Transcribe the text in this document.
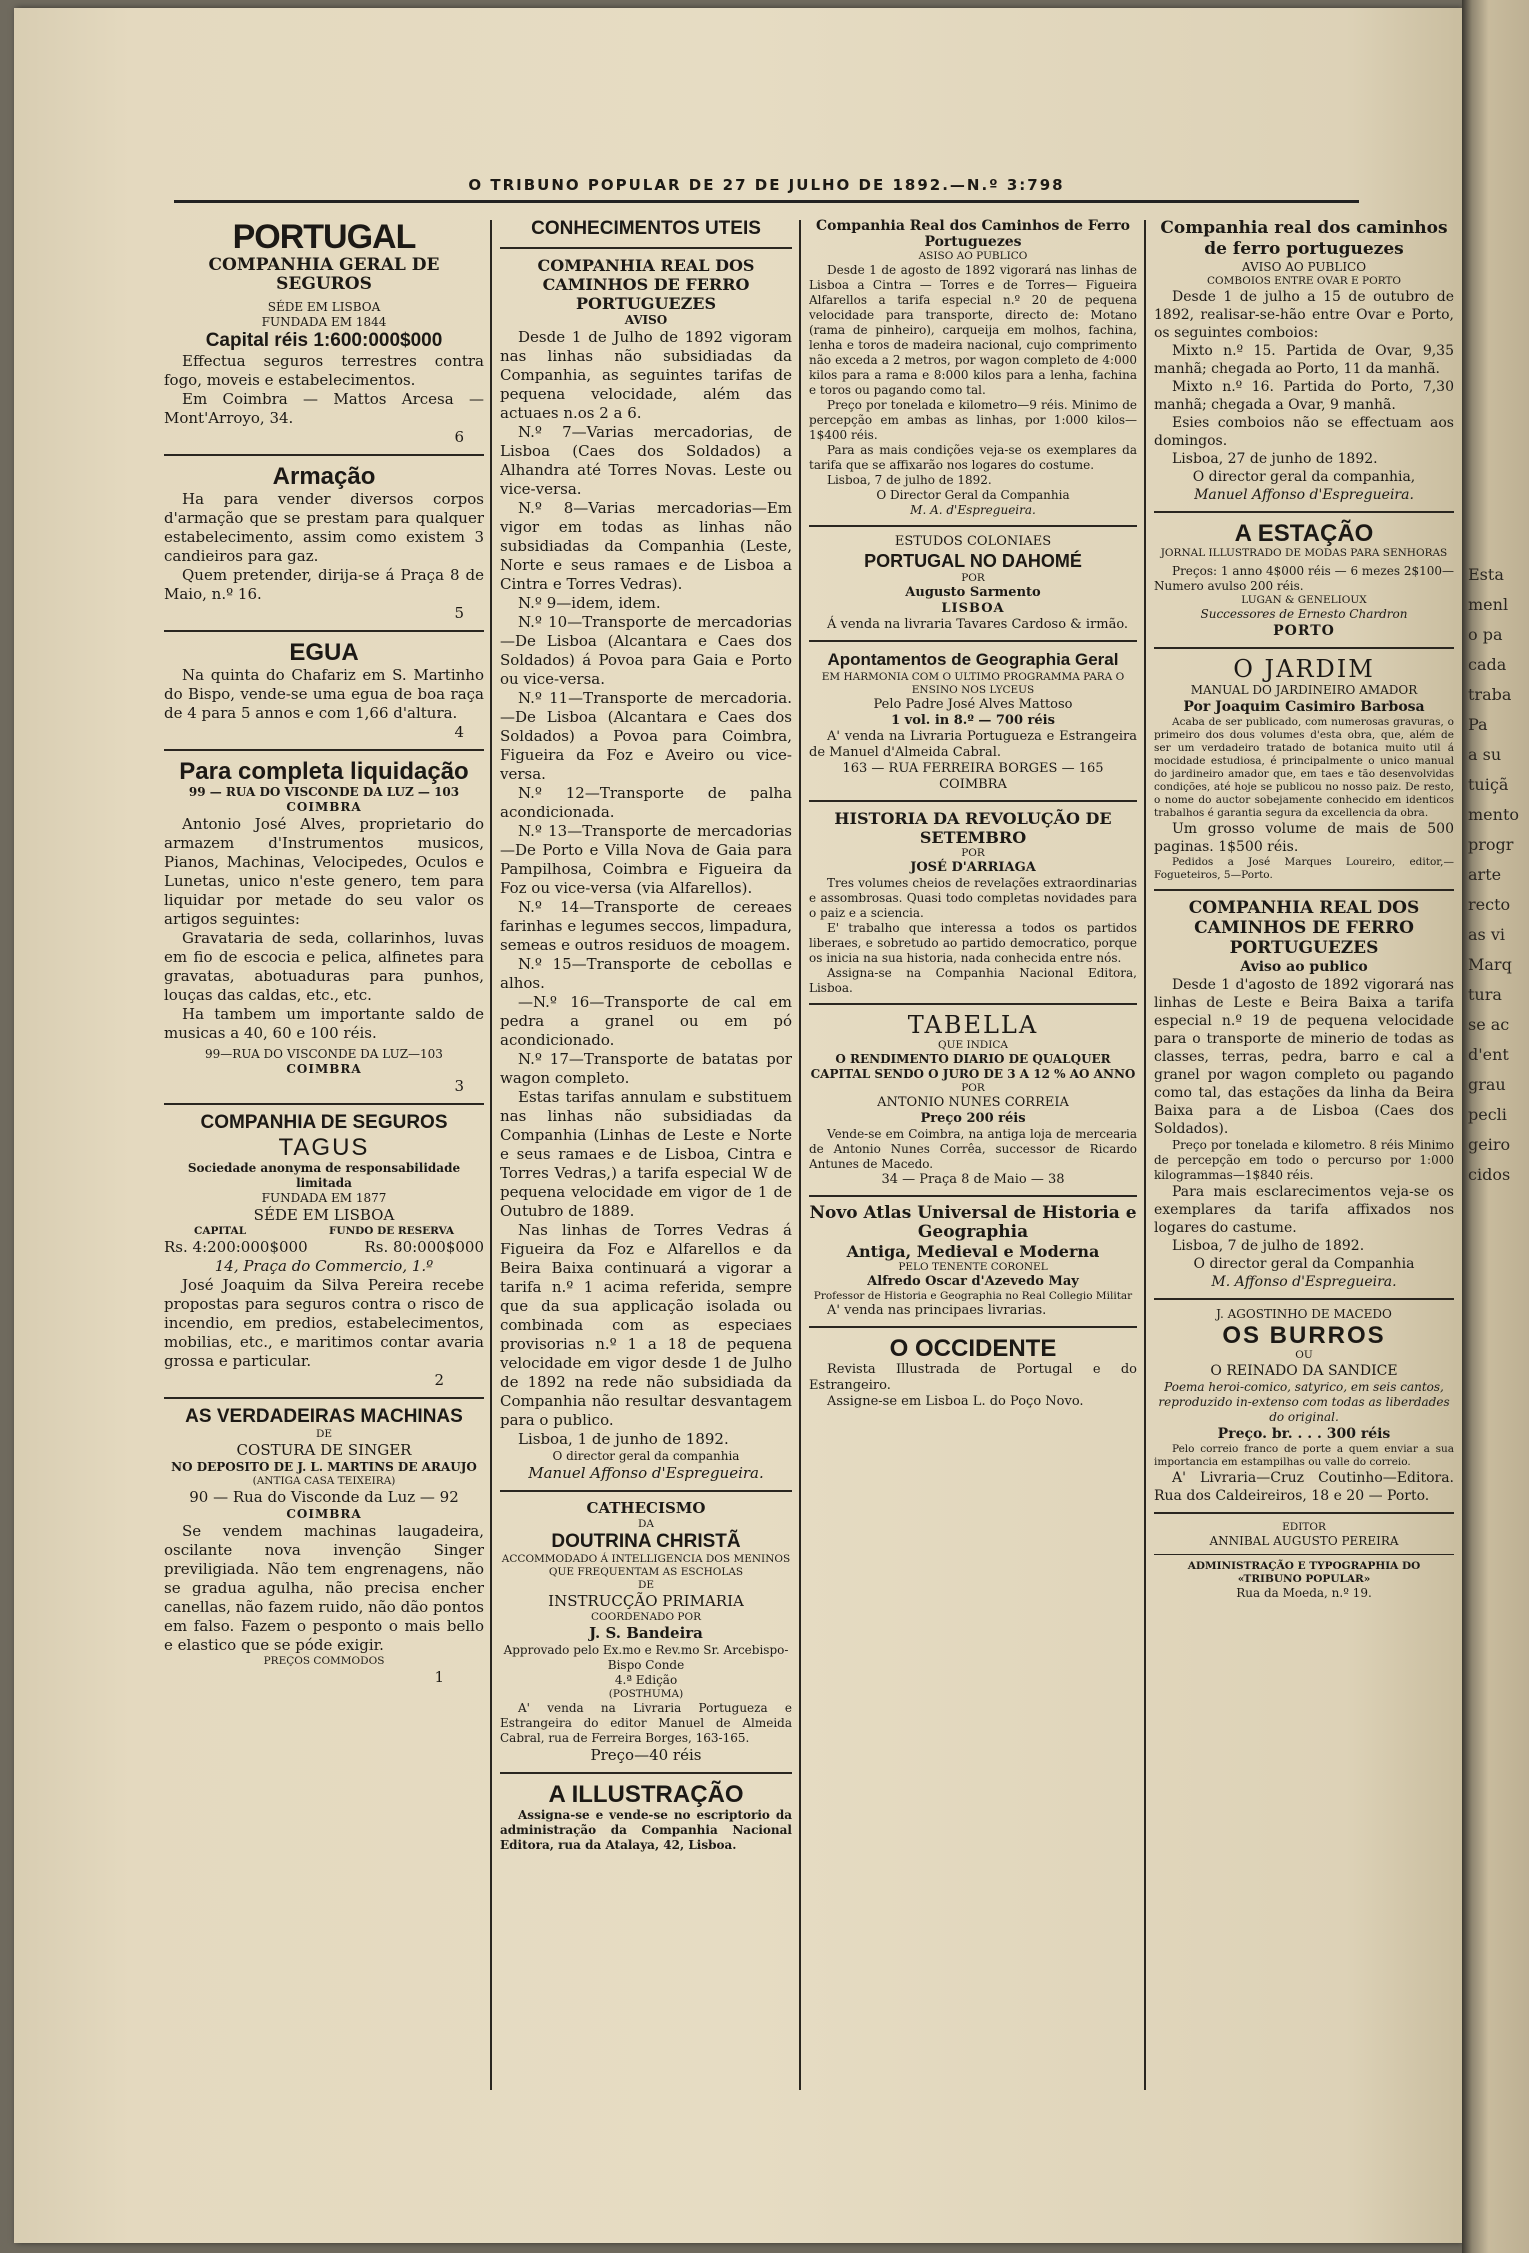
O TRIBUNO POPULAR DE 27 DE JULHO DE 1892.—N.º 3:798

PORTUGAL

COMPANHIA GERAL DE SEGUROS

SÉDE EM LISBOA

FUNDADA EM 1844

Capital réis 1:600:000$000

Effectua seguros terrestres contra fogo, moveis e estabelecimentos.

Em Coimbra — Mattos Arcesa — Mont'Arroyo, 34.

6

Armação

Ha para vender diversos corpos d'armação que se prestam para qualquer estabelecimento, assim como existem 3 candieiros para gaz.

Quem pretender, dirija-se á Praça 8 de Maio, n.º 16.

5

EGUA

Na quinta do Chafariz em S. Martinho do Bispo, vende-se uma egua de boa raça de 4 para 5 annos e com 1,66 d'altura.

4

Para completa liquidação

99 — RUA DO VISCONDE DA LUZ — 103

COIMBRA

Antonio José Alves, proprietario do armazem d'Instrumentos musicos, Pianos, Machinas, Velocipedes, Oculos e Lunetas, unico n'este genero, tem para liquidar por metade do seu valor os artigos seguintes:

Gravataria de seda, collarinhos, luvas em fio de escocia e pelica, alfinetes para gravatas, abotuaduras para punhos, louças das caldas, etc., etc.

Ha tambem um importante saldo de musicas a 40, 60 e 100 réis.

99—RUA DO VISCONDE DA LUZ—103

COIMBRA

3

COMPANHIA DE SEGUROS

TAGUS

Sociedade anonyma de responsabilidade limitada

FUNDADA EM 1877

SÉDE EM LISBOA

CAPITAL	FUNDO DE RESERVA
Rs. 4:200:000$000	Rs. 80:000$000

14, Praça do Commercio, 1.º

José Joaquim da Silva Pereira recebe propostas para seguros contra o risco de incendio, em predios, estabelecimentos, mobilias, etc., e maritimos contar avaria grossa e particular.

2

AS VERDADEIRAS MACHINAS

DE

COSTURA DE SINGER

NO DEPOSITO DE J. L. MARTINS DE ARAUJO

(ANTIGA CASA TEIXEIRA)

90 — Rua do Visconde da Luz — 92

COIMBRA

Se vendem machinas laugadeira, oscilante nova invenção Singer previligiada. Não tem engrenagens, não se gradua agulha, não precisa encher canellas, não fazem ruido, não dão pontos em falso. Fazem o pesponto o mais bello e elastico que se póde exigir.

PREÇOS COMMODOS

1

CONHECIMENTOS UTEIS

COMPANHIA REAL DOS CAMINHOS DE FERRO PORTUGUEZES

AVISO

Desde 1 de Julho de 1892 vigoram nas linhas não subsidiadas da Companhia, as seguintes tarifas de pequena velocidade, além das actuaes n.os 2 a 6.

N.º 7—Varias mercadorias, de Lisboa (Caes dos Soldados) a Alhandra até Torres Novas. Leste ou vice-versa.

N.º 8—Varias mercadorias—Em vigor em todas as linhas não subsidiadas da Companhia (Leste, Norte e seus ramaes e de Lisboa a Cintra e Torres Vedras).

N.º 9—idem, idem.

N.º 10—Transporte de mercadorias—De Lisboa (Alcantara e Caes dos Soldados) á Povoa para Gaia e Porto ou vice-versa.

N.º 11—Transporte de mercadoria.—De Lisboa (Alcantara e Caes dos Soldados) a Povoa para Coimbra, Figueira da Foz e Aveiro ou vice-versa.

N.º 12—Transporte de palha acondicionada.

N.º 13—Transporte de mercadorias—De Porto e Villa Nova de Gaia para Pampilhosa, Coimbra e Figueira da Foz ou vice-versa (via Alfarellos).

N.º 14—Transporte de cereaes farinhas e legumes seccos, limpadura, semeas e outros residuos de moagem.

N.º 15—Transporte de cebollas e alhos.

—N.º 16—Transporte de cal em pedra a granel ou em pó acondicionado.

N.º 17—Transporte de batatas por wagon completo.

Estas tarifas annulam e substituem nas linhas não subsidiadas da Companhia (Linhas de Leste e Norte e seus ramaes e de Lisboa, Cintra e Torres Vedras,) a tarifa especial W de pequena velocidade em vigor de 1 de Outubro de 1889.

Nas linhas de Torres Vedras á Figueira da Foz e Alfarellos e da Beira Baixa continuará a vigorar a tarifa n.º 1 acima referida, sempre que da sua applicação isolada ou combinada com as especiaes provisorias n.º 1 a 18 de pequena velocidade em vigor desde 1 de Julho de 1892 na rede não subsidiada da Companhia não resultar desvantagem para o publico.

Lisboa, 1 de junho de 1892.

O director geral da companhia

Manuel Affonso d'Espregueira.

CATHECISMO

DA

DOUTRINA CHRISTÃ

ACCOMMODADO Á INTELLIGENCIA DOS MENINOS QUE FREQUENTAM AS ESCHOLAS

DE

INSTRUCÇÃO PRIMARIA

COORDENADO POR

J. S. Bandeira

Approvado pelo Ex.mo e Rev.mo Sr. Arcebispo-Bispo Conde

4.ª Edição

(POSTHUMA)

A' venda na Livraria Portugueza e Estrangeira do editor Manuel de Almeida Cabral, rua de Ferreira Borges, 163-165.

Preço—40 réis

A ILLUSTRAÇÃO

Assigna-se e vende-se no escriptorio da administração da Companhia Nacional Editora, rua da Atalaya, 42, Lisboa.

Companhia Real dos Caminhos de Ferro Portuguezes

ASISO AO PUBLICO

Desde 1 de agosto de 1892 vigorará nas linhas de Lisboa a Cintra — Torres e de Torres— Figueira Alfarellos a tarifa especial n.º 20 de pequena velocidade para transporte, directo de: Motano (rama de pinheiro), carqueija em molhos, fachina, lenha e toros de madeira nacional, cujo comprimento não exceda a 2 metros, por wagon completo de 4:000 kilos para a rama e 8:000 kilos para a lenha, fachina e toros ou pagando como tal.

Preço por tonelada e kilometro—9 réis. Minimo de percepção em ambas as linhas, por 1:000 kilos—1$400 réis.

Para as mais condições veja-se os exemplares da tarifa que se affixarão nos logares do costume.

Lisboa, 7 de julho de 1892.

O Director Geral da Companhia

M. A. d'Espregueira.

ESTUDOS COLONIAES

PORTUGAL NO DAHOMÉ

POR

Augusto Sarmento

LISBOA

Á venda na livraria Tavares Cardoso & irmão.

Apontamentos de Geographia Geral

EM HARMONIA COM O ULTIMO PROGRAMMA PARA O ENSINO NOS LYCEUS

Pelo Padre José Alves Mattoso

1 vol. in 8.º — 700 réis

A' venda na Livraria Portugueza e Estrangeira de Manuel d'Almeida Cabral.

163 — RUA FERREIRA BORGES — 165

COIMBRA

HISTORIA DA REVOLUÇÃO DE SETEMBRO

POR

JOSÉ D'ARRIAGA

Tres volumes cheios de revelações extraordinarias e assombrosas. Quasi todo completas novidades para o paiz e a sciencia.

E' trabalho que interessa a todos os partidos liberaes, e sobretudo ao partido democratico, porque os inicia na sua historia, nada conhecida entre nós.

Assigna-se na Companhia Nacional Editora, Lisboa.

TABELLA

QUE INDICA

O RENDIMENTO DIARIO DE QUALQUER CAPITAL SENDO O JURO DE 3 A 12 % AO ANNO

POR

ANTONIO NUNES CORREIA

Preço 200 réis

Vende-se em Coimbra, na antiga loja de mercearia de Antonio Nunes Corrêa, successor de Ricardo Antunes de Macedo.

34 — Praça 8 de Maio — 38

Novo Atlas Universal de Historia e Geographia

Antiga, Medieval e Moderna

PELO TENENTE CORONEL

Alfredo Oscar d'Azevedo May

Professor de Historia e Geographia no Real Collegio Militar

A' venda nas principaes livrarias.

O OCCIDENTE

Revista Illustrada de Portugal e do Estrangeiro.

Assigne-se em Lisboa L. do Poço Novo.

Companhia real dos caminhos de ferro portuguezes

AVISO AO PUBLICO

COMBOIOS ENTRE OVAR E PORTO

Desde 1 de julho a 15 de outubro de 1892, realisar-se-hão entre Ovar e Porto, os seguintes comboios:

Mixto n.º 15. Partida de Ovar, 9,35 manhã; chegada ao Porto, 11 da manhã.

Mixto n.º 16. Partida do Porto, 7,30 manhã; chegada a Ovar, 9 manhã.

Esies comboios não se effectuam aos domingos.

Lisboa, 27 de junho de 1892.

O director geral da companhia,

Manuel Affonso d'Espregueira.

A ESTAÇÃO

JORNAL ILLUSTRADO DE MODAS PARA SENHORAS

Preços: 1 anno 4$000 réis — 6 mezes 2$100—Numero avulso 200 réis.

LUGAN & GENELIOUX

Successores de Ernesto Chardron

PORTO

O JARDIM

MANUAL DO JARDINEIRO AMADOR

Por Joaquim Casimiro Barbosa

Acaba de ser publicado, com numerosas gravuras, o primeiro dos dous volumes d'esta obra, que, além de ser um verdadeiro tratado de botanica muito util á mocidade estudiosa, é principalmente o unico manual do jardineiro amador que, em taes e tão desenvolvidas condições, até hoje se publicou no nosso paiz. De resto, o nome do auctor sobejamente conhecido em identicos trabalhos é garantia segura da excellencia da obra.

Um grosso volume de mais de 500 paginas. 1$500 réis.

Pedidos a José Marques Loureiro, editor,—Fogueteiros, 5—Porto.

COMPANHIA REAL DOS CAMINHOS DE FERRO PORTUGUEZES

Aviso ao publico

Desde 1 d'agosto de 1892 vigorará nas linhas de Leste e Beira Baixa a tarifa especial n.º 19 de pequena velocidade para o transporte de minerio de todas as classes, terras, pedra, barro e cal a granel por wagon completo ou pagando como tal, das estações da linha da Beira Baixa para a de Lisboa (Caes dos Soldados).

Preço por tonelada e kilometro. 8 réis Minimo de percepção em todo o percurso por 1:000 kilogrammas—1$840 réis.

Para mais esclarecimentos veja-se os exemplares da tarifa affixados nos logares do castume.

Lisboa, 7 de julho de 1892.

O director geral da Companhia

M. Affonso d'Espregueira.

J. AGOSTINHO DE MACEDO

OS BURROS

OU

O REINADO DA SANDICE

Poema heroi-comico, satyrico, em seis cantos, reproduzido in-extenso com todas as liberdades do original.

Preço. br. . . . 300 réis

Pelo correio franco de porte a quem enviar a sua importancia em estampilhas ou valle do correio.

A' Livraria—Cruz Coutinho—Editora. Rua dos Caldeireiros, 18 e 20 — Porto.

EDITOR

ANNIBAL AUGUSTO PEREIRA

ADMINISTRAÇÃO E TYPOGRAPHIA DO «TRIBUNO POPULAR»

Rua da Moeda, n.º 19.

Esta
menl
o pa
cada
traba
Pa
a su
tuiçã
mento
progr
arte
recto
as vi
Marq
tura
se ac
d'ent
grau
pecli
geiro
cidos
